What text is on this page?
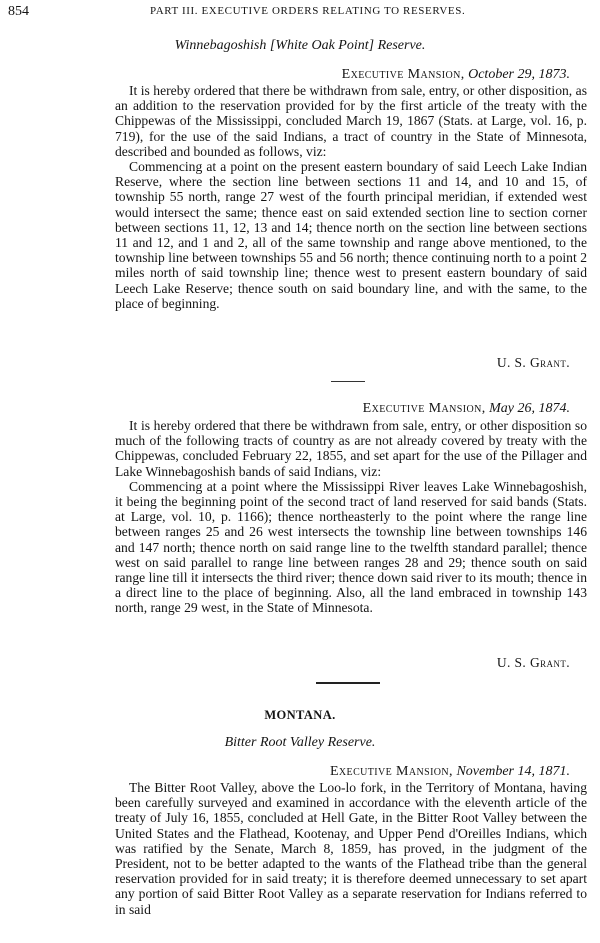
854	PART III. EXECUTIVE ORDERS RELATING TO RESERVES.
Winnebagoshish [White Oak Point] Reserve.
Executive Mansion, October 29, 1873.

It is hereby ordered that there be withdrawn from sale, entry, or other disposition, as an addition to the reservation provided for by the first article of the treaty with the Chippewas of the Mississippi, concluded March 19, 1867 (Stats. at Large, vol. 16, p. 719), for the use of the said Indians, a tract of country in the State of Minnesota, described and bounded as follows, viz:

Commencing at a point on the present eastern boundary of said Leech Lake Indian Reserve, where the section line between sections 11 and 14, and 10 and 15, of township 55 north, range 27 west of the fourth principal meridian, if extended west would intersect the same; thence east on said extended section line to section corner between sections 11, 12, 13 and 14; thence north on the section line between sections 11 and 12, and 1 and 2, all of the same township and range above mentioned, to the township line between townships 55 and 56 north; thence continuing north to a point 2 miles north of said township line; thence west to present eastern boundary of said Leech Lake Reserve; thence south on said boundary line, and with the same, to the place of beginning.

U. S. Grant.
Executive Mansion, May 26, 1874.

It is hereby ordered that there be withdrawn from sale, entry, or other disposition so much of the following tracts of country as are not already covered by treaty with the Chippewas, concluded February 22, 1855, and set apart for the use of the Pillager and Lake Winnebagoshish bands of said Indians, viz:

Commencing at a point where the Mississippi River leaves Lake Winnebagoshish, it being the beginning point of the second tract of land reserved for said bands (Stats. at Large, vol. 10, p. 1166); thence northeasterly to the point where the range line between ranges 25 and 26 west intersects the township line between townships 146 and 147 north; thence north on said range line to the twelfth standard parallel; thence west on said parallel to range line between ranges 28 and 29; thence south on said range line till it intersects the third river; thence down said river to its mouth; thence in a direct line to the place of beginning. Also, all the land embraced in township 143 north, range 29 west, in the State of Minnesota.

U. S. Grant.
MONTANA.
Bitter Root Valley Reserve.
Executive Mansion, November 14, 1871.

The Bitter Root Valley, above the Loo-lo fork, in the Territory of Montana, having been carefully surveyed and examined in accordance with the eleventh article of the treaty of July 16, 1855, concluded at Hell Gate, in the Bitter Root Valley between the United States and the Flathead, Kootenay, and Upper Pend d'Oreilles Indians, which was ratified by the Senate, March 8, 1859, has proved, in the judgment of the President, not to be better adapted to the wants of the Flathead tribe than the general reservation provided for in said treaty; it is therefore deemed unnecessary to set apart any portion of said Bitter Root Valley as a separate reservation for Indians referred to in said
